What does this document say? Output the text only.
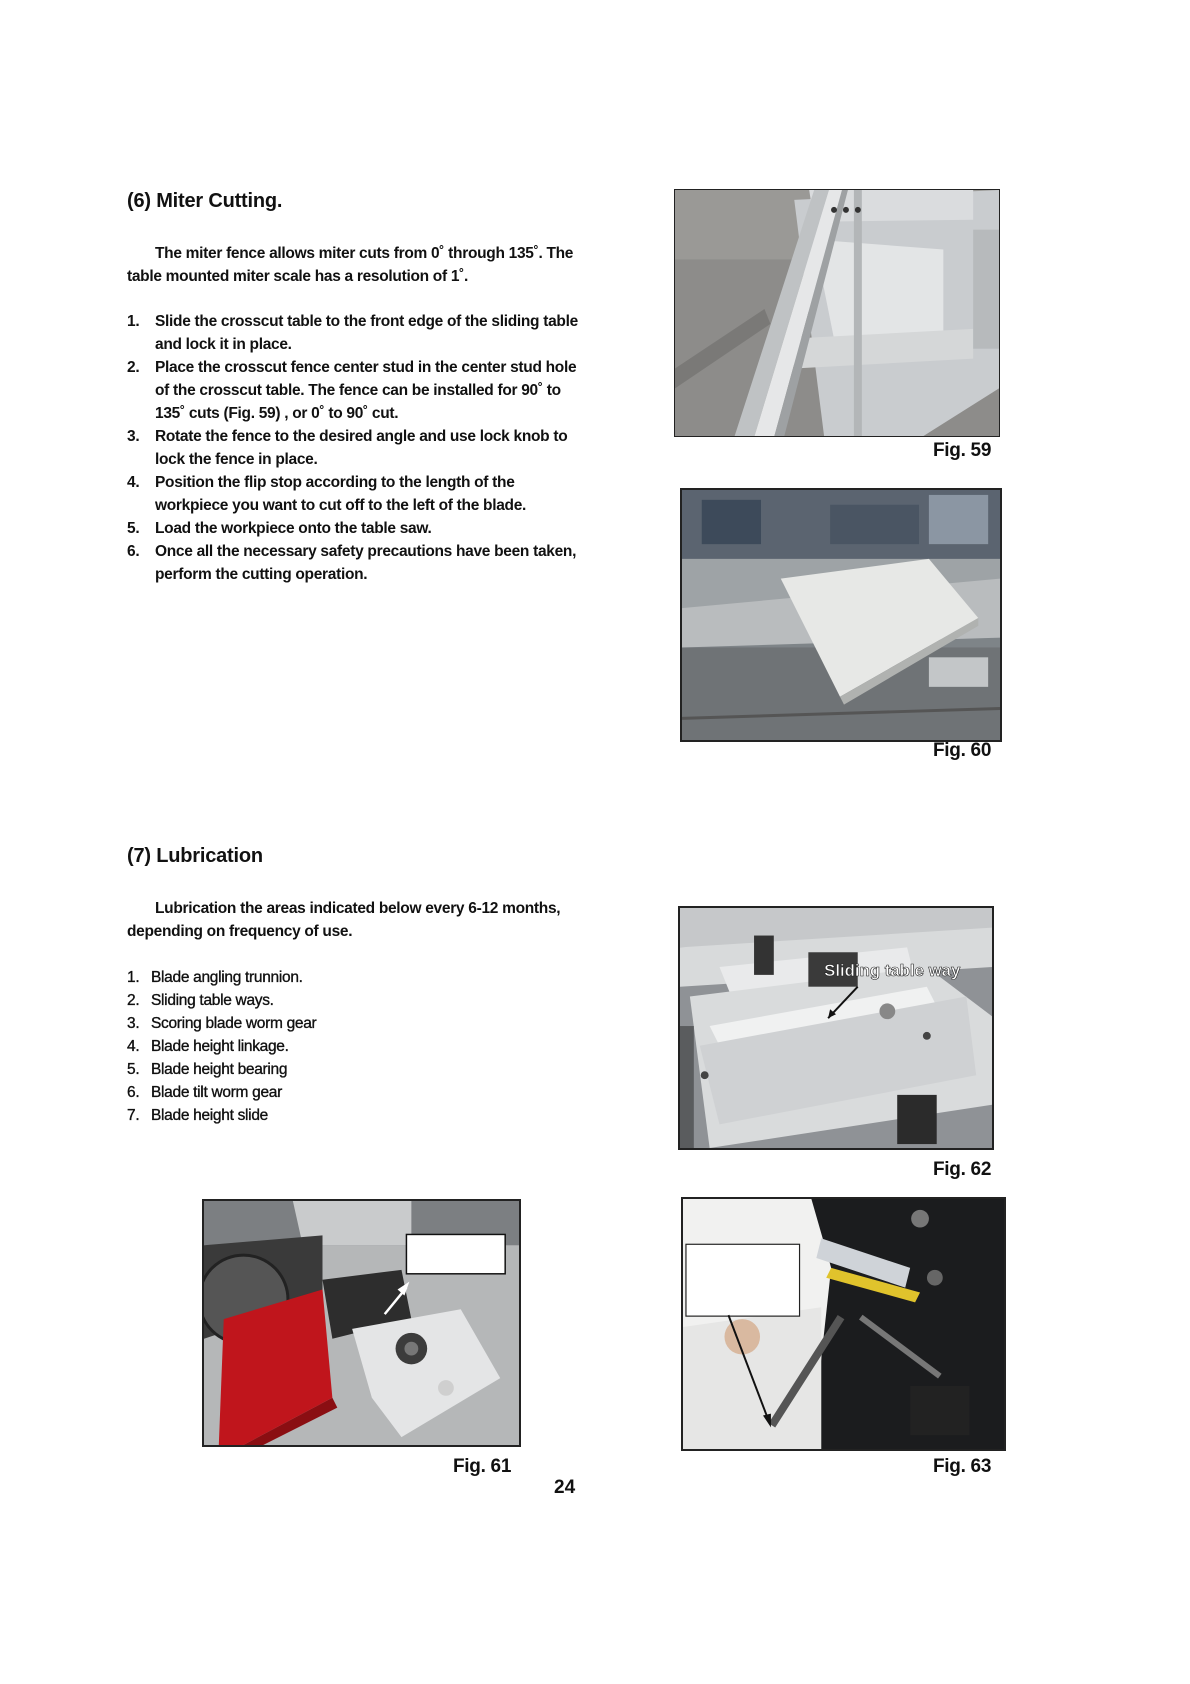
(6) Miter Cutting.
The miter fence allows miter cuts from 0˚ through 135˚. The table mounted miter scale has a resolution of 1˚.
1.	Slide the crosscut table to the front edge of the sliding table and lock it in place.
2.	Place the crosscut fence center stud in the center stud hole of the crosscut table. The fence can be installed for 90˚ to 135˚ cuts (Fig. 59) , or 0˚ to 90˚ cut.
3.	Rotate the fence to the desired angle and use lock knob to lock the fence in place.
4.	Position the flip stop according to the length of the workpiece you want to cut off to the left of the blade.
5.	Load the workpiece onto the table saw.
6.	Once all the necessary safety precautions have been taken, perform the cutting operation.
Fig. 59
Fig. 60
(7) Lubrication
Lubrication the areas indicated below every 6-12 months, depending on frequency of use.
1. Blade angling trunnion.
2. Sliding table ways.
3. Scoring blade worm gear
4. Blade height linkage.
5. Blade height bearing
6. Blade tilt worm gear
7. Blade height slide
Sliding table way
Fig. 62
Fig. 61	Fig. 63
24
